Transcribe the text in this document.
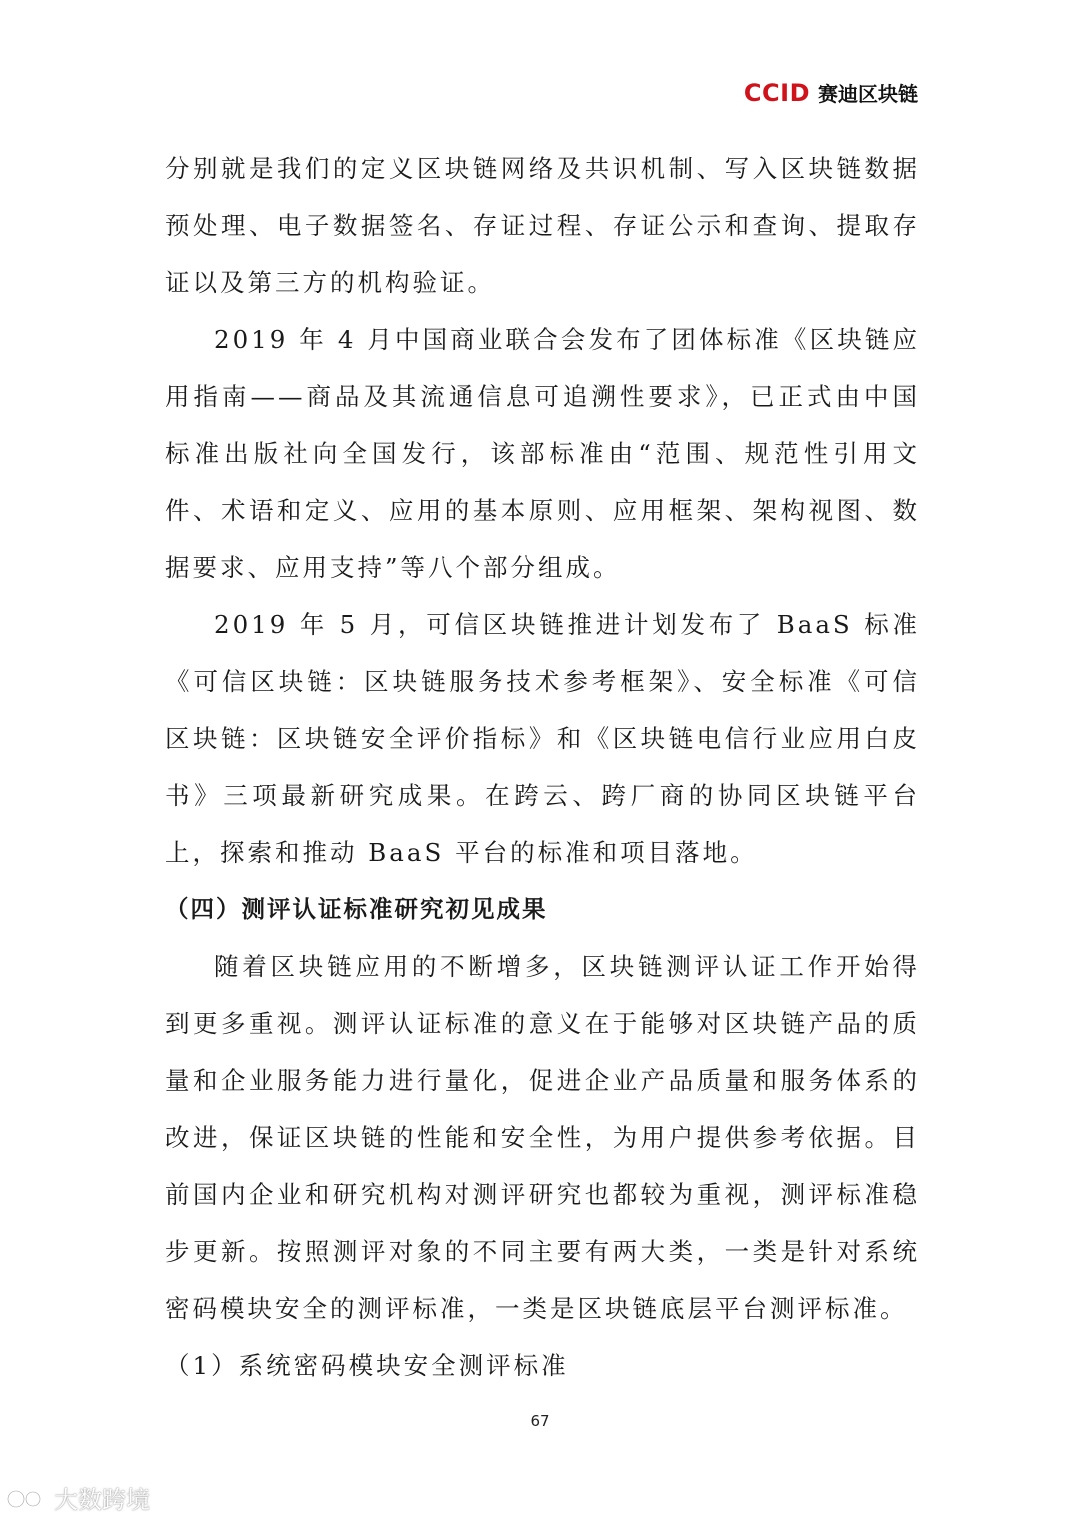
CCID 赛迪区块链

分别就是我们的定义区块链网络及共识机制、写入区块链数据预处理、电子数据签名、存证过程、存证公示和查询、提取存证以及第三方的机构验证。

2019 年 4 月中国商业联合会发布了团体标准《区块链应用指南——商品及其流通信息可追溯性要求》，已正式由中国标准出版社向全国发行，该部标准由“范围、规范性引用文件、术语和定义、应用的基本原则、应用框架、架构视图、数据要求、应用支持”等八个部分组成。

2019 年 5 月，可信区块链推进计划发布了 BaaS 标准《可信区块链：区块链服务技术参考框架》、安全标准《可信区块链：区块链安全评价指标》和《区块链电信行业应用白皮书》三项最新研究成果。在跨云、跨厂商的协同区块链平台上，探索和推动 BaaS 平台的标准和项目落地。

（四）测评认证标准研究初见成果

随着区块链应用的不断增多，区块链测评认证工作开始得到更多重视。测评认证标准的意义在于能够对区块链产品的质量和企业服务能力进行量化，促进企业产品质量和服务体系的改进，保证区块链的性能和安全性，为用户提供参考依据。目前国内企业和研究机构对测评研究也都较为重视，测评标准稳步更新。按照测评对象的不同主要有两大类，一类是针对系统密码模块安全的测评标准，一类是区块链底层平台测评标准。

（1）系统密码模块安全测评标准

67
大数跨境
